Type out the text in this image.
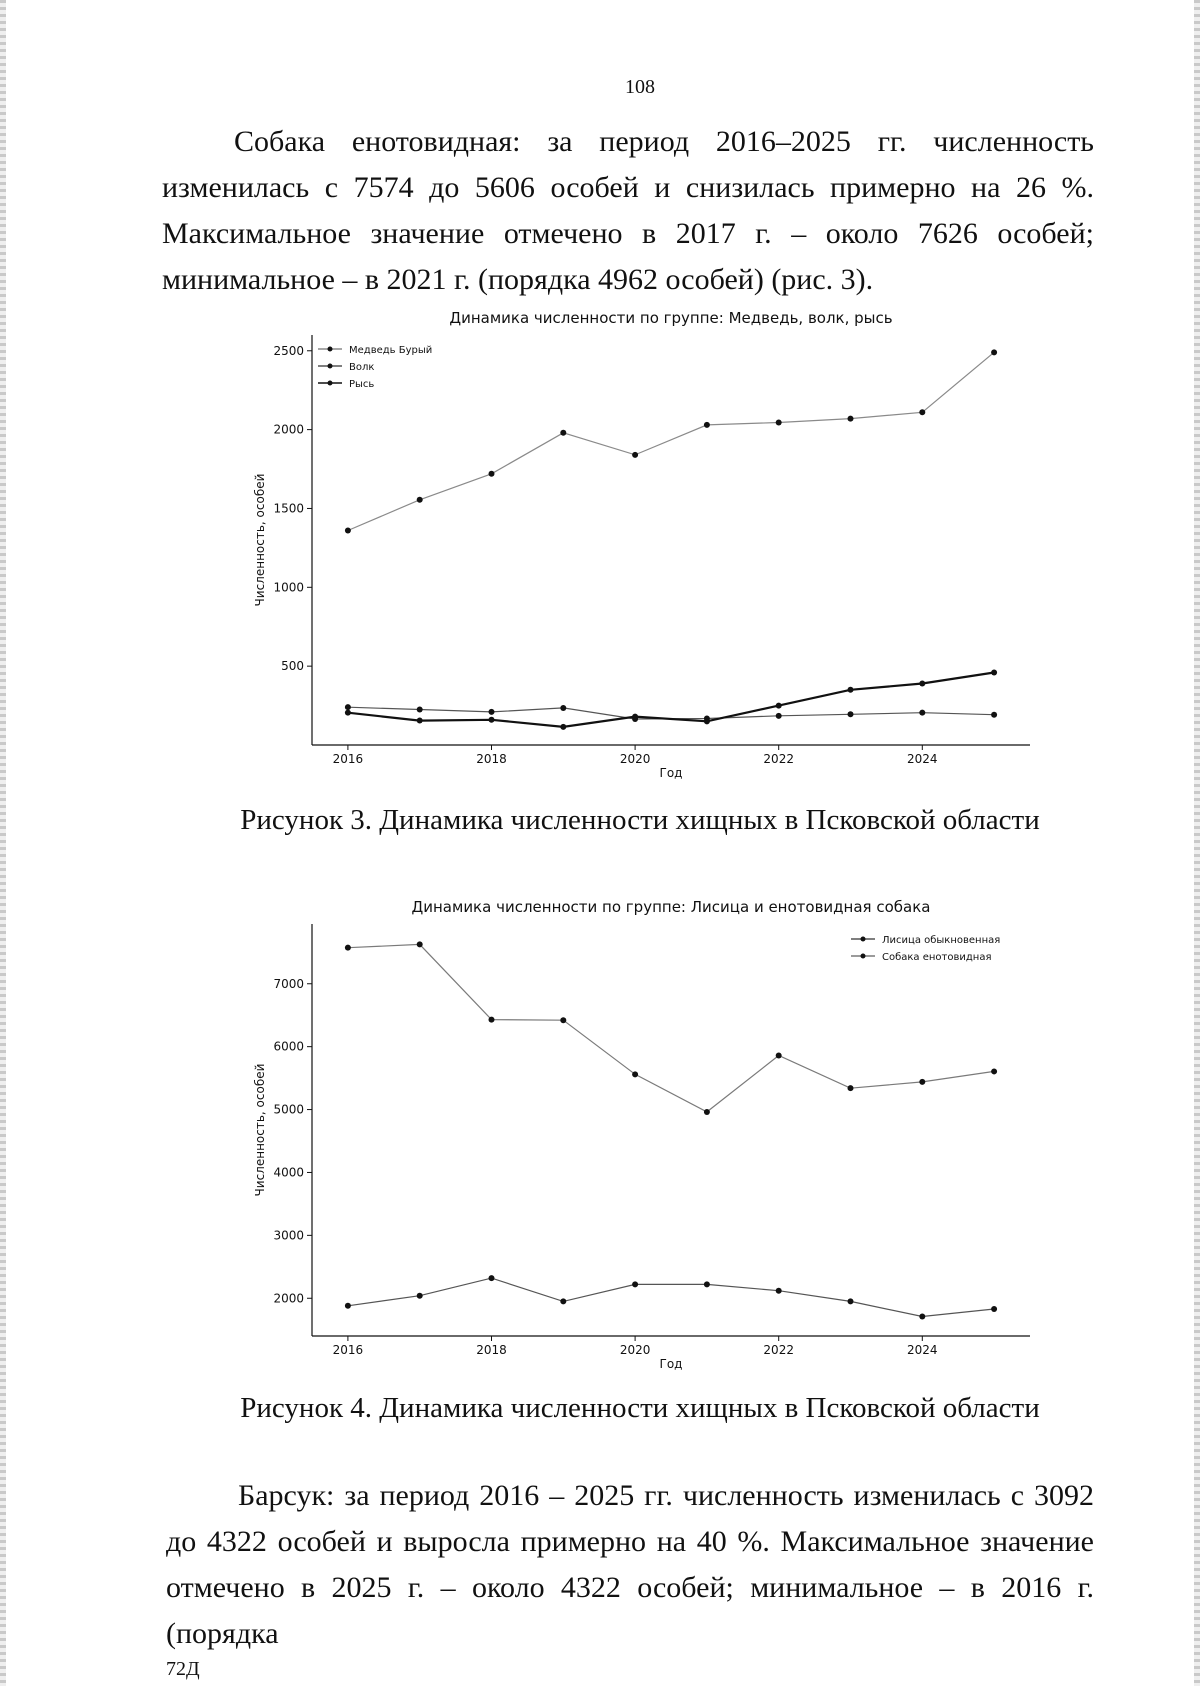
108

Собака енотовидная: за период 2016–2025 гг. численность изменилась с 7574 до 5606 особей и снизилась примерно на 26 %. Максимальное значение отмечено в 2017 г. – около 7626 особей; минимальное – в 2021 г. (порядка 4962 особей) (рис. 3).

Динамика численности по группе: Медведь, волк, рысь
2016	2018	2020	2022	2024
500
1000
1500
2000
2500
Год
Численность, особей
Медведь Бурый
Волк
Рысь

Рисунок 3. Динамика численности хищных в Псковской области

Динамика численности по группе: Лисица и енотовидная собака
2016	2018	2020	2022	2024
2000
3000
4000
5000
6000
7000
Год
Численность, особей
Лисица обыкновенная
Собака енотовидная

Рисунок 4. Динамика численности хищных в Псковской области

Барсук: за период 2016 – 2025 гг. численность изменилась с 3092 до 4322 особей и выросла примерно на 40 %. Максимальное значение отмечено в 2025 г. – около 4322 особей; минимальное – в 2016 г. (порядка

72Д
